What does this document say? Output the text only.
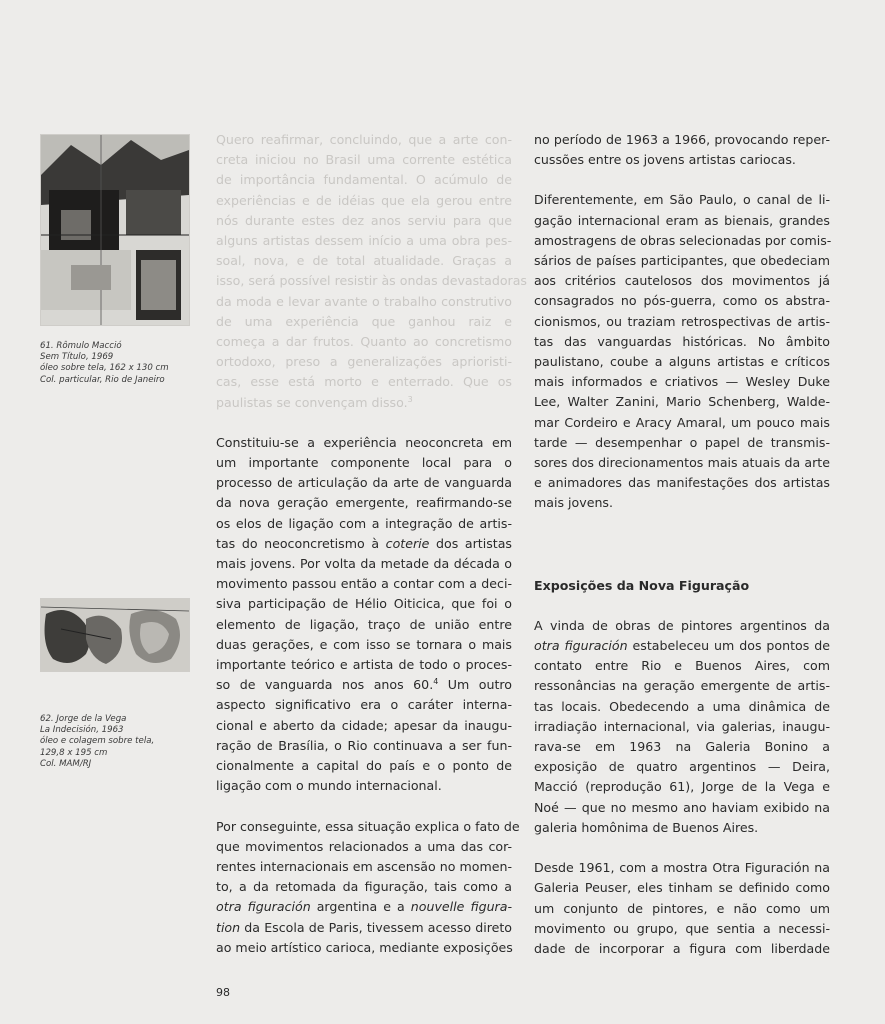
61. Rômulo Macció
Sem Título, 1969
óleo sobre tela, 162 x 130 cm
Col. particular, Rio de Janeiro
62. Jorge de la Vega
La Indecisión, 1963
óleo e colagem sobre tela,
129,8 x 195 cm
Col. MAM/RJ
Quero reafirmar, concluindo, que a arte con-
creta iniciou no Brasil uma corrente estética
de importância fundamental. O acúmulo de
experiências e de idéias que ela gerou entre
nós durante estes dez anos serviu para que
alguns artistas dessem início a uma obra pes-
soal, nova, e de total atualidade. Graças a
isso, será possível resistir às ondas devastadoras
da moda e levar avante o trabalho construtivo
de uma experiência que ganhou raiz e
começa a dar frutos. Quanto ao concretismo
ortodoxo, preso a generalizações aprioristi-
cas, esse está morto e enterrado. Que os
paulistas se convençam disso.$^3$
Constituiu-se a experiência neoconcreta em
um importante componente local para o
processo de articulação da arte de vanguarda
da nova geração emergente, reafirmando-se
os elos de ligação com a integração de artis-
tas do neoconcretismo à coterie dos artistas
mais jovens. Por volta da metade da década o
movimento passou então a contar com a deci-
siva participação de Hélio Oiticica, que foi o
elemento de ligação, traço de união entre
duas gerações, e com isso se tornara o mais
importante teórico e artista de todo o proces-
so de vanguarda nos anos 60.$^4$ Um outro
aspecto significativo era o caráter interna-
cional e aberto da cidade; apesar da inaugu-
ração de Brasília, o Rio continuava a ser fun-
cionalmente a capital do país e o ponto de
ligação com o mundo internacional.
Por conseguinte, essa situação explica o fato de
que movimentos relacionados a uma das cor-
rentes internacionais em ascensão no momen-
to, a da retomada da figuração, tais como a
otra figuración argentina e a nouvelle figura-
tion da Escola de Paris, tivessem acesso direto
ao meio artístico carioca, mediante exposições
no período de 1963 a 1966, provocando reper-
cussões entre os jovens artistas cariocas.
Diferentemente, em São Paulo, o canal de li-
gação internacional eram as bienais, grandes
amostragens de obras selecionadas por comis-
sários de países participantes, que obedeciam
aos critérios cautelosos dos movimentos já
consagrados no pós-guerra, como os abstra-
cionismos, ou traziam retrospectivas de artis-
tas das vanguardas históricas. No âmbito
paulistano, coube a alguns artistas e críticos
mais informados e criativos — Wesley Duke
Lee, Walter Zanini, Mario Schenberg, Walde-
mar Cordeiro e Aracy Amaral, um pouco mais
tarde — desempenhar o papel de transmis-
sores dos direcionamentos mais atuais da arte
e animadores das manifestações dos artistas
mais jovens.
Exposições da Nova Figuração
A vinda de obras de pintores argentinos da
otra figuración estabeleceu um dos pontos de
contato entre Rio e Buenos Aires, com
ressonâncias na geração emergente de artis-
tas locais. Obedecendo a uma dinâmica de
irradiação internacional, via galerias, inaugu-
rava-se em 1963 na Galeria Bonino a
exposição de quatro argentinos — Deira,
Macció (reprodução 61), Jorge de la Vega e
Noé — que no mesmo ano haviam exibido na
galeria homônima de Buenos Aires.
Desde 1961, com a mostra Otra Figuración na
Galeria Peuser, eles tinham se definido como
um conjunto de pintores, e não como um
movimento ou grupo, que sentia a necessi-
dade de incorporar a figura com liberdade
98
